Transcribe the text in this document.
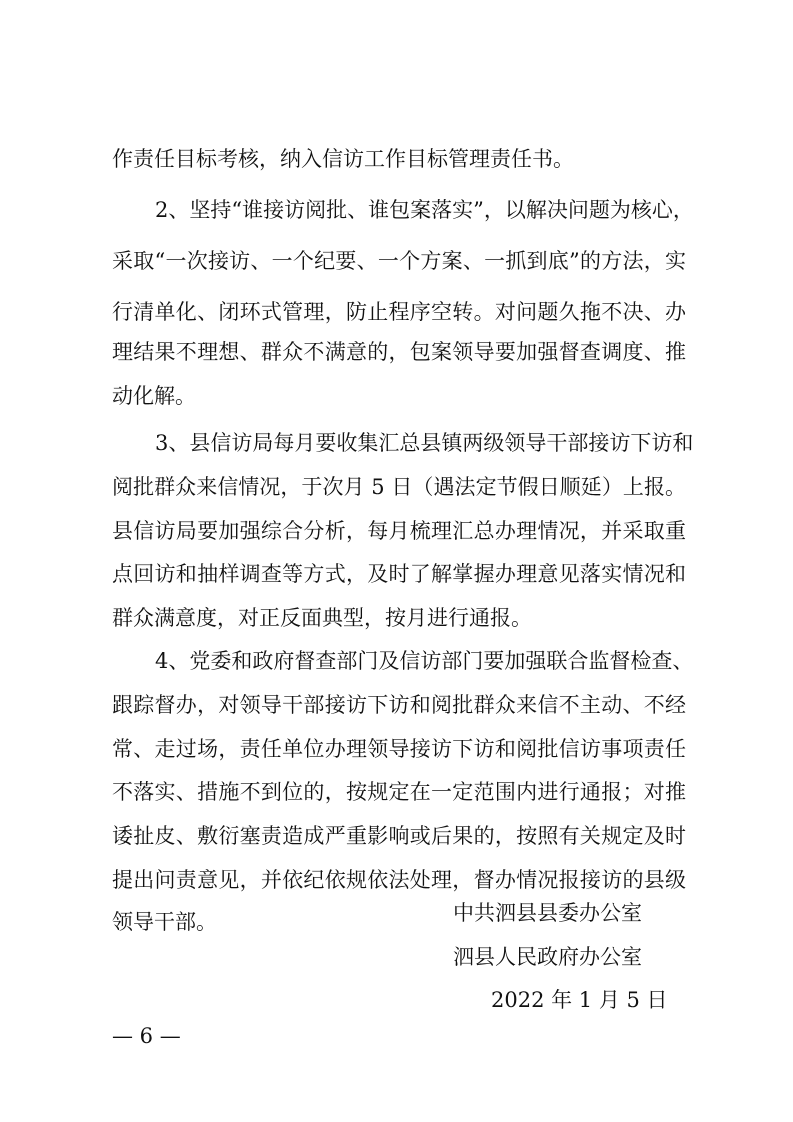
作责任目标考核，纳入信访工作目标管理责任书。
2、坚持“谁接访阅批、谁包案落实”，以解决问题为核心，
采取“一次接访、一个纪要、一个方案、一抓到底”的方法，实
行清单化、闭环式管理，防止程序空转。对问题久拖不决、办
理结果不理想、群众不满意的，包案领导要加强督查调度、推
动化解。
3、县信访局每月要收集汇总县镇两级领导干部接访下访和
阅批群众来信情况，于次月 5 日（遇法定节假日顺延）上报。
县信访局要加强综合分析，每月梳理汇总办理情况，并采取重
点回访和抽样调查等方式，及时了解掌握办理意见落实情况和
群众满意度，对正反面典型，按月进行通报。
4、党委和政府督查部门及信访部门要加强联合监督检查、
跟踪督办，对领导干部接访下访和阅批群众来信不主动、不经
常、走过场，责任单位办理领导接访下访和阅批信访事项责任
不落实、措施不到位的，按规定在一定范围内进行通报；对推
诿扯皮、敷衍塞责造成严重影响或后果的，按照有关规定及时
提出问责意见，并依纪依规依法处理，督办情况报接访的县级
领导干部。	中共泗县县委办公室
泗县人民政府办公室
2022 年 1 月 5 日
— 6 —
